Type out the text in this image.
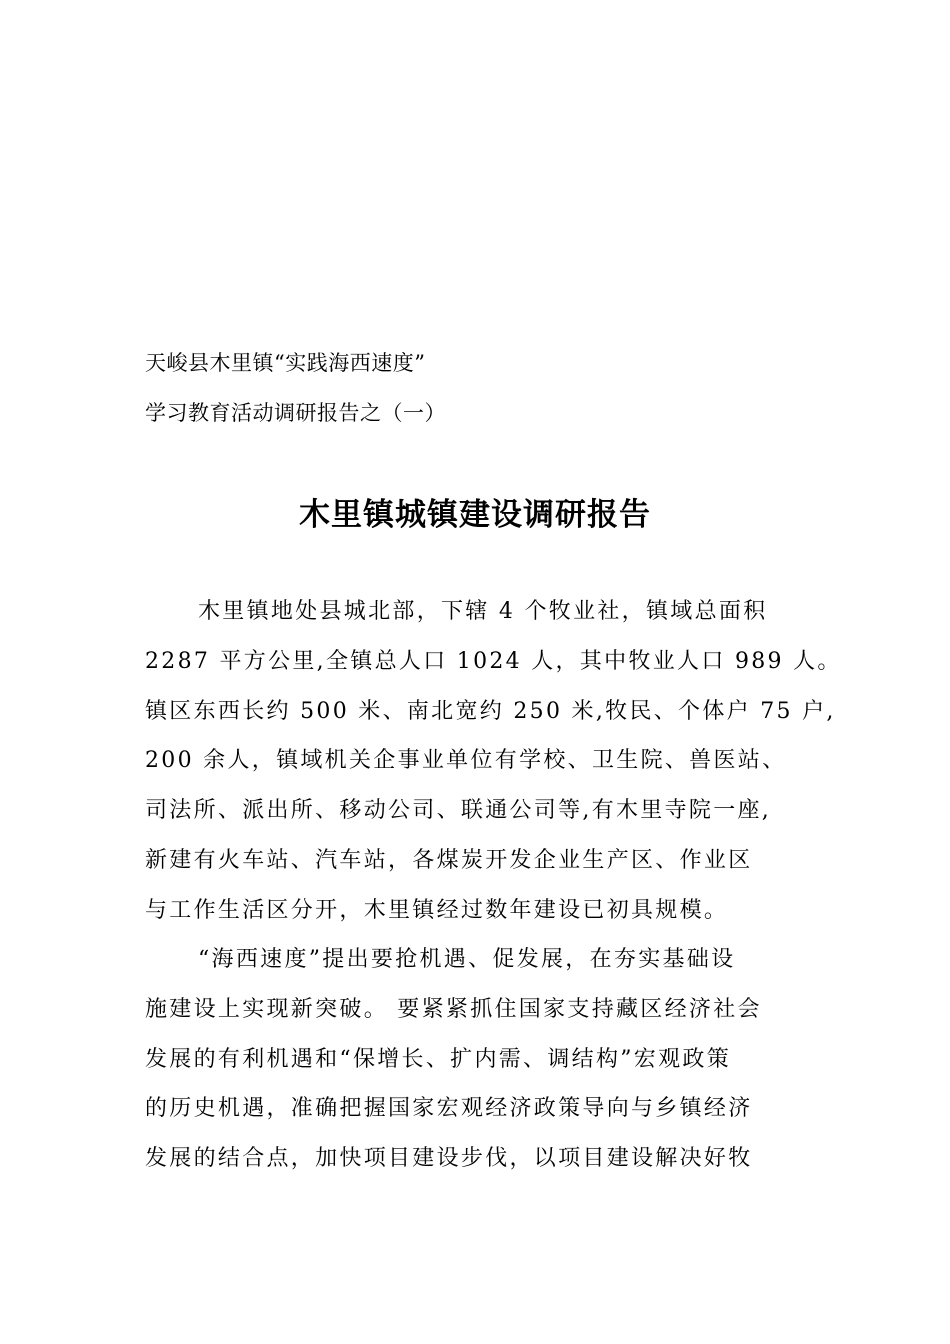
天峻县木里镇“实践海西速度”
学习教育活动调研报告之（一）
木里镇城镇建设调研报告
木里镇地处县城北部，下辖 4 个牧业社，镇域总面积
2287 平方公里,全镇总人口 1024 人，其中牧业人口 989 人。
镇区东西长约 500 米、南北宽约 250 米,牧民、个体户 75 户,
200 余人，镇域机关企事业单位有学校、卫生院、兽医站、
司法所、派出所、移动公司、联通公司等,有木里寺院一座,
新建有火车站、汽车站，各煤炭开发企业生产区、作业区
与工作生活区分开，木里镇经过数年建设已初具规模。
“海西速度”提出要抢机遇、促发展，在夯实基础设
施建设上实现新突破。 要紧紧抓住国家支持藏区经济社会
发展的有利机遇和“保增长、扩内需、调结构”宏观政策
的历史机遇，准确把握国家宏观经济政策导向与乡镇经济
发展的结合点，加快项目建设步伐，以项目建设解决好牧
